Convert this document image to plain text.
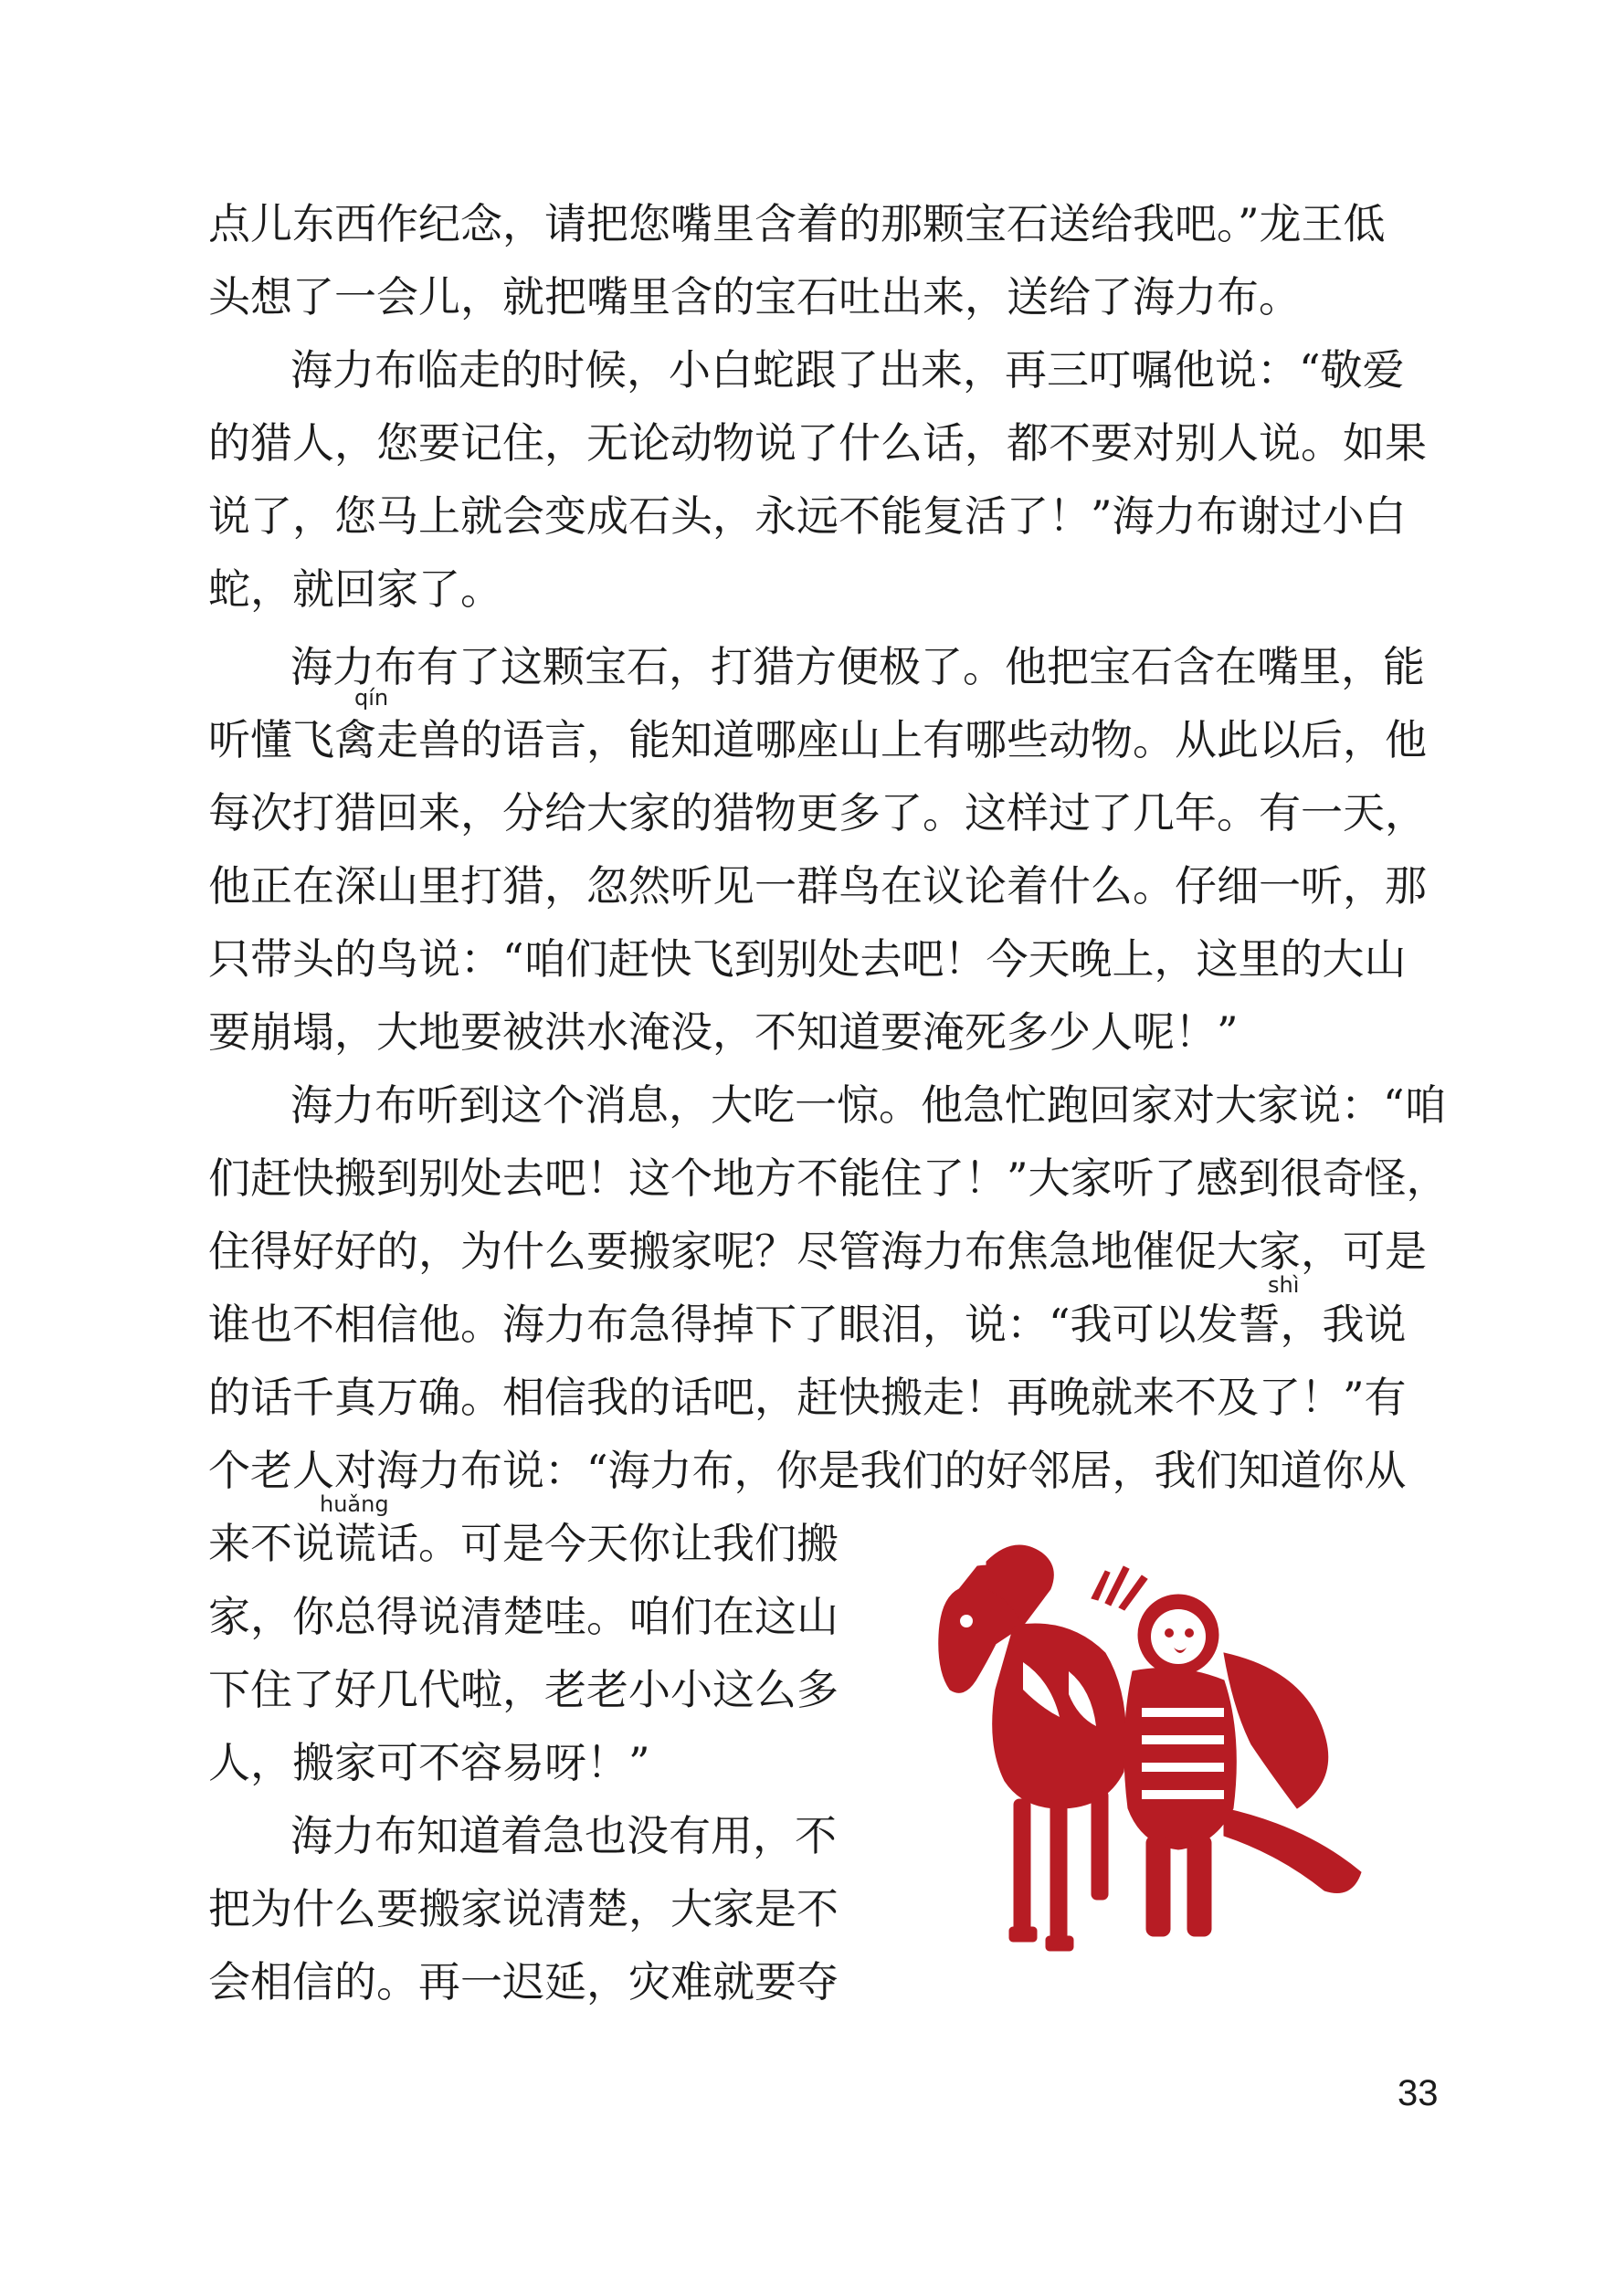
点儿东西作纪念，请把您嘴里含着的那颗宝石送给我吧。”龙王低
头想了一会儿，就把嘴里含的宝石吐出来，送给了海力布。
海力布临走的时候，小白蛇跟了出来，再三叮嘱他说：“敬爱
的猎人，您要记住，无论动物说了什么话，都不要对别人说。如果
说了，您马上就会变成石头，永远不能复活了！”海力布谢过小白
蛇，就回家了。
海力布有了这颗宝石，打猎方便极了。他把宝石含在嘴里，能
qín
听懂飞禽走兽的语言，能知道哪座山上有哪些动物。从此以后，他
每次打猎回来，分给大家的猎物更多了。这样过了几年。有一天，
他正在深山里打猎，忽然听见一群鸟在议论着什么。仔细一听，那
只带头的鸟说：“咱们赶快飞到别处去吧！今天晚上，这里的大山
要崩塌，大地要被洪水淹没，不知道要淹死多少人呢！”
海力布听到这个消息，大吃一惊。他急忙跑回家对大家说：“咱
们赶快搬到别处去吧！这个地方不能住了！”大家听了感到很奇怪，
住得好好的，为什么要搬家呢？尽管海力布焦急地催促大家，可是
shì
谁也不相信他。海力布急得掉下了眼泪，说：“我可以发誓，我说
的话千真万确。相信我的话吧，赶快搬走！再晚就来不及了！”有
个老人对海力布说：“海力布，你是我们的好邻居，我们知道你从
huǎng
来不说谎话。可是今天你让我们搬
家，你总得说清楚哇。咱们在这山
下住了好几代啦，老老小小这么多
人，搬家可不容易呀！”
海力布知道着急也没有用，不
把为什么要搬家说清楚，大家是不
会相信的。再一迟延，灾难就要夺
33
